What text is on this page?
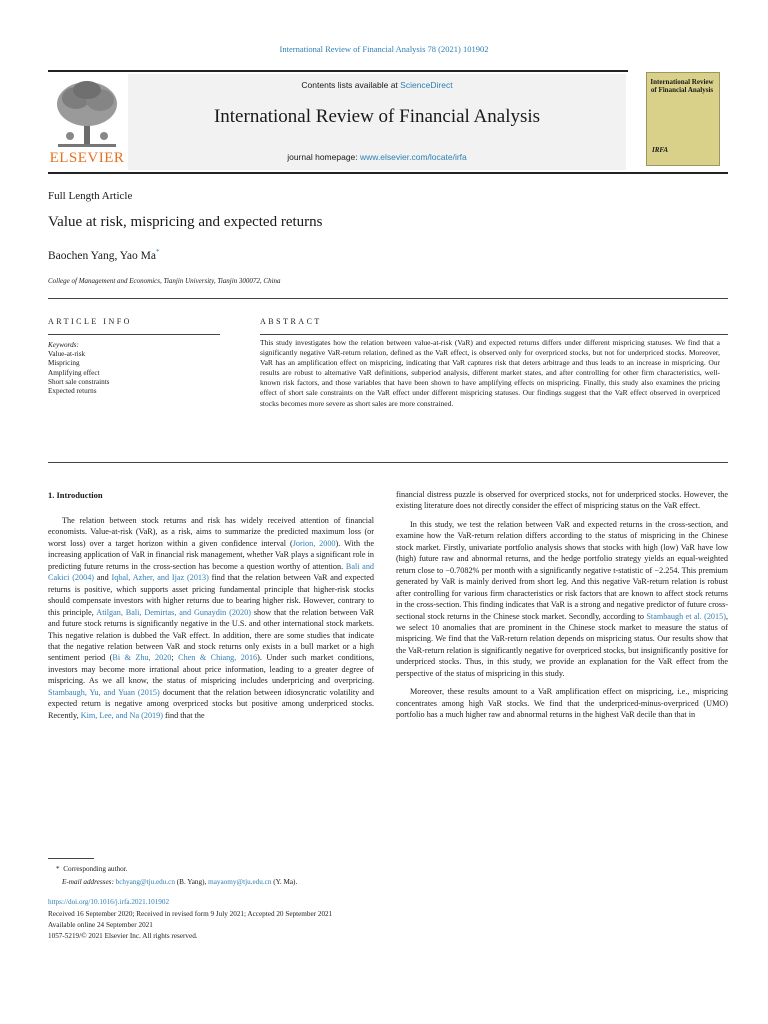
International Review of Financial Analysis 78 (2021) 101902
ELSEVIER
Contents lists available at ScienceDirect
International Review of Financial Analysis
journal homepage: www.elsevier.com/locate/irfa
International Review of Financial Analysis
IRFA
Full Length Article
Value at risk, mispricing and expected returns
Baochen Yang, Yao Ma*
College of Management and Economics, Tianjin University, Tianjin 300072, China
ARTICLE INFO	ABSTRACT
Keywords:
Value-at-risk
Mispricing
Amplifying effect
Short sale constraints
Expected returns
This study investigates how the relation between value-at-risk (VaR) and expected returns differs under different mispricing statuses. We find that a significantly negative VaR-return relation, defined as the VaR effect, is observed only for overpriced stocks, but not for underpriced stocks. Moreover, VaR has an amplification effect on mispricing, indicating that VaR captures risk that deters arbitrage and thus leads to an increase in mispricing. Our results are robust to alternative VaR definitions, subperiod analysis, different market states, and after controlling for other firm characteristics, well-known risk factors, and those variables that have been shown to have amplifying effects on mispricing. Finally, this study also examines the pricing effect of short sale constraints on the VaR effect under different mispricing statuses. Our findings suggest that the VaR effect observed in overpriced stocks becomes more severe as short sales are more constrained.
1. Introduction

The relation between stock returns and risk has widely received attention of financial economists. Value-at-risk (VaR), as a risk, aims to summarize the predicted maximum loss (or worst loss) over a target horizon within a given confidence interval (Jorion, 2000). With the increasing application of VaR in financial risk management, whether VaR plays a significant role in predicting future returns in the cross-section has become a question worthy of attention. Bali and Cakici (2004) and Iqbal, Azher, and Ijaz (2013) find that the relation between VaR and expected returns is positive, which supports asset pricing fundamental principle that higher-risk stocks should compensate investors with higher returns due to bearing higher risk. However, contrary to this principle, Atilgan, Bali, Demirtas, and Gunaydin (2020) show that the relation between VaR and future stock returns is significantly negative in the U.S. and other international stock markets. This negative relation is dubbed the VaR effect. In addition, there are some studies that indicate that the negative relation between VaR and stock returns only exists in a bull market or a high sentiment period (Bi & Zhu, 2020; Chen & Chiang, 2016). Under such market conditions, investors may become more irrational about price information, leading to a greater degree of mispricing. As we all know, the status of mispricing includes underpricing and overpricing. Stambaugh, Yu, and Yuan (2015) document that the relation between idiosyncratic volatility and expected return is negative among overpriced stocks but positive among underpriced stocks. Recently, Kim, Lee, and Na (2019) find that the

financial distress puzzle is observed for overpriced stocks, not for underpriced stocks. However, the existing literature does not directly consider the effect of mispricing status on the VaR effect.

In this study, we test the relation between VaR and expected returns in the cross-section, and examine how the VaR-return relation differs according to the status of mispricing in the Chinese stock market. Firstly, univariate portfolio analysis shows that stocks with high (low) VaR have low (high) future raw and abnormal returns, and the hedge portfolio strategy yields an equal-weighted return close to −0.7082% per month with a significantly negative t-statistic of −2.254. This premium generated by VaR is mainly derived from short leg. And this negative VaR-return relation is robust after controlling for various firm characteristics or risk factors that are known to affect stock returns in the cross-section. This finding indicates that VaR is a strong and negative predictor of future cross-sectional stock returns in the Chinese stock market. Secondly, according to Stambaugh et al. (2015), we select 10 anomalies that are prominent in the Chinese stock market to measure the status of mispricing. We find that the VaR-return relation depends on mispricing status. Our results show that the VaR-return relation is significantly negative for overpriced stocks, but insignificantly positive for underpriced stocks. Thus, in this study, we provide an explanation for the VaR effect from the perspective of the status of mispricing in this study.

Moreover, these results amount to a VaR amplification effect on mispricing, i.e., mispricing concentrates among high VaR stocks. We find that the underpriced-minus-overpriced (UMO) portfolio has a much higher raw and abnormal returns in the highest VaR decile than that in

* Corresponding author.
E-mail addresses: bchyang@tju.edu.cn (B. Yang), mayaomy@tju.edu.cn (Y. Ma).
https://doi.org/10.1016/j.irfa.2021.101902
Received 16 September 2020; Received in revised form 9 July 2021; Accepted 20 September 2021
Available online 24 September 2021
1057-5219/© 2021 Elsevier Inc. All rights reserved.
